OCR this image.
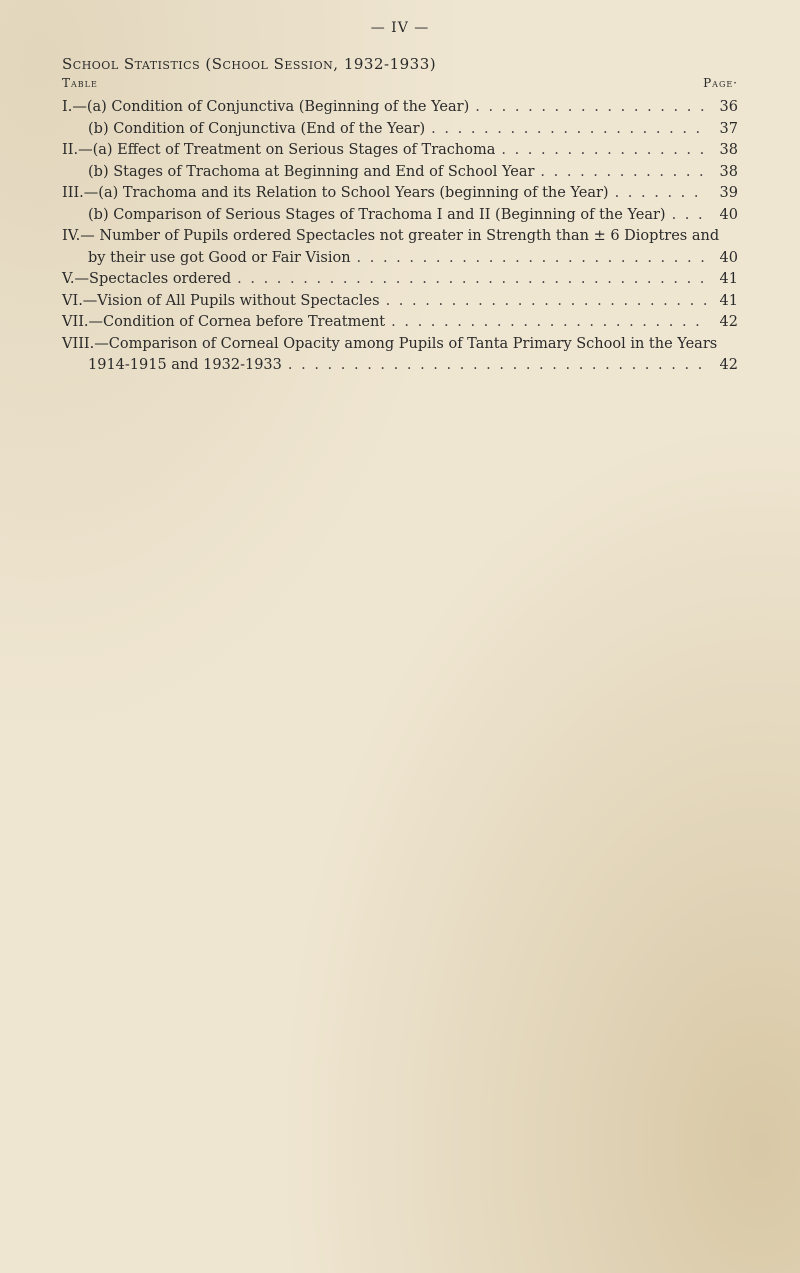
— IV —
School Statistics (School Session, 1932-1933)
Table	Page·
I.—(a) Condition of Conjunctiva (Beginning of the Year) . . .	36
(b) Condition of Conjunctiva (End of the Year) . . .	37
II.—(a) Effect of Treatment on Serious Stages of Trachoma . . .	38
(b) Stages of Trachoma at Beginning and End of School Year . . .	38
III.—(a) Trachoma and its Relation to School Years (beginning of the Year) . . .	39
(b) Comparison of Serious Stages of Trachoma I and II (Beginning of the Year) . . .	40
IV.— Number of Pupils ordered Spectacles not greater in Strength than ± 6 Dioptres and
by their use got Good or Fair Vision . . .	40
V.—Spectacles ordered . . .	41
VI.—Vision of All Pupils without Spectacles . . .	41
VII.—Condition of Cornea before Treatment . . .	42
VIII.—Comparison of Corneal Opacity among Pupils of Tanta Primary School in the Years
1914-1915 and 1932-1933 . . .	42
